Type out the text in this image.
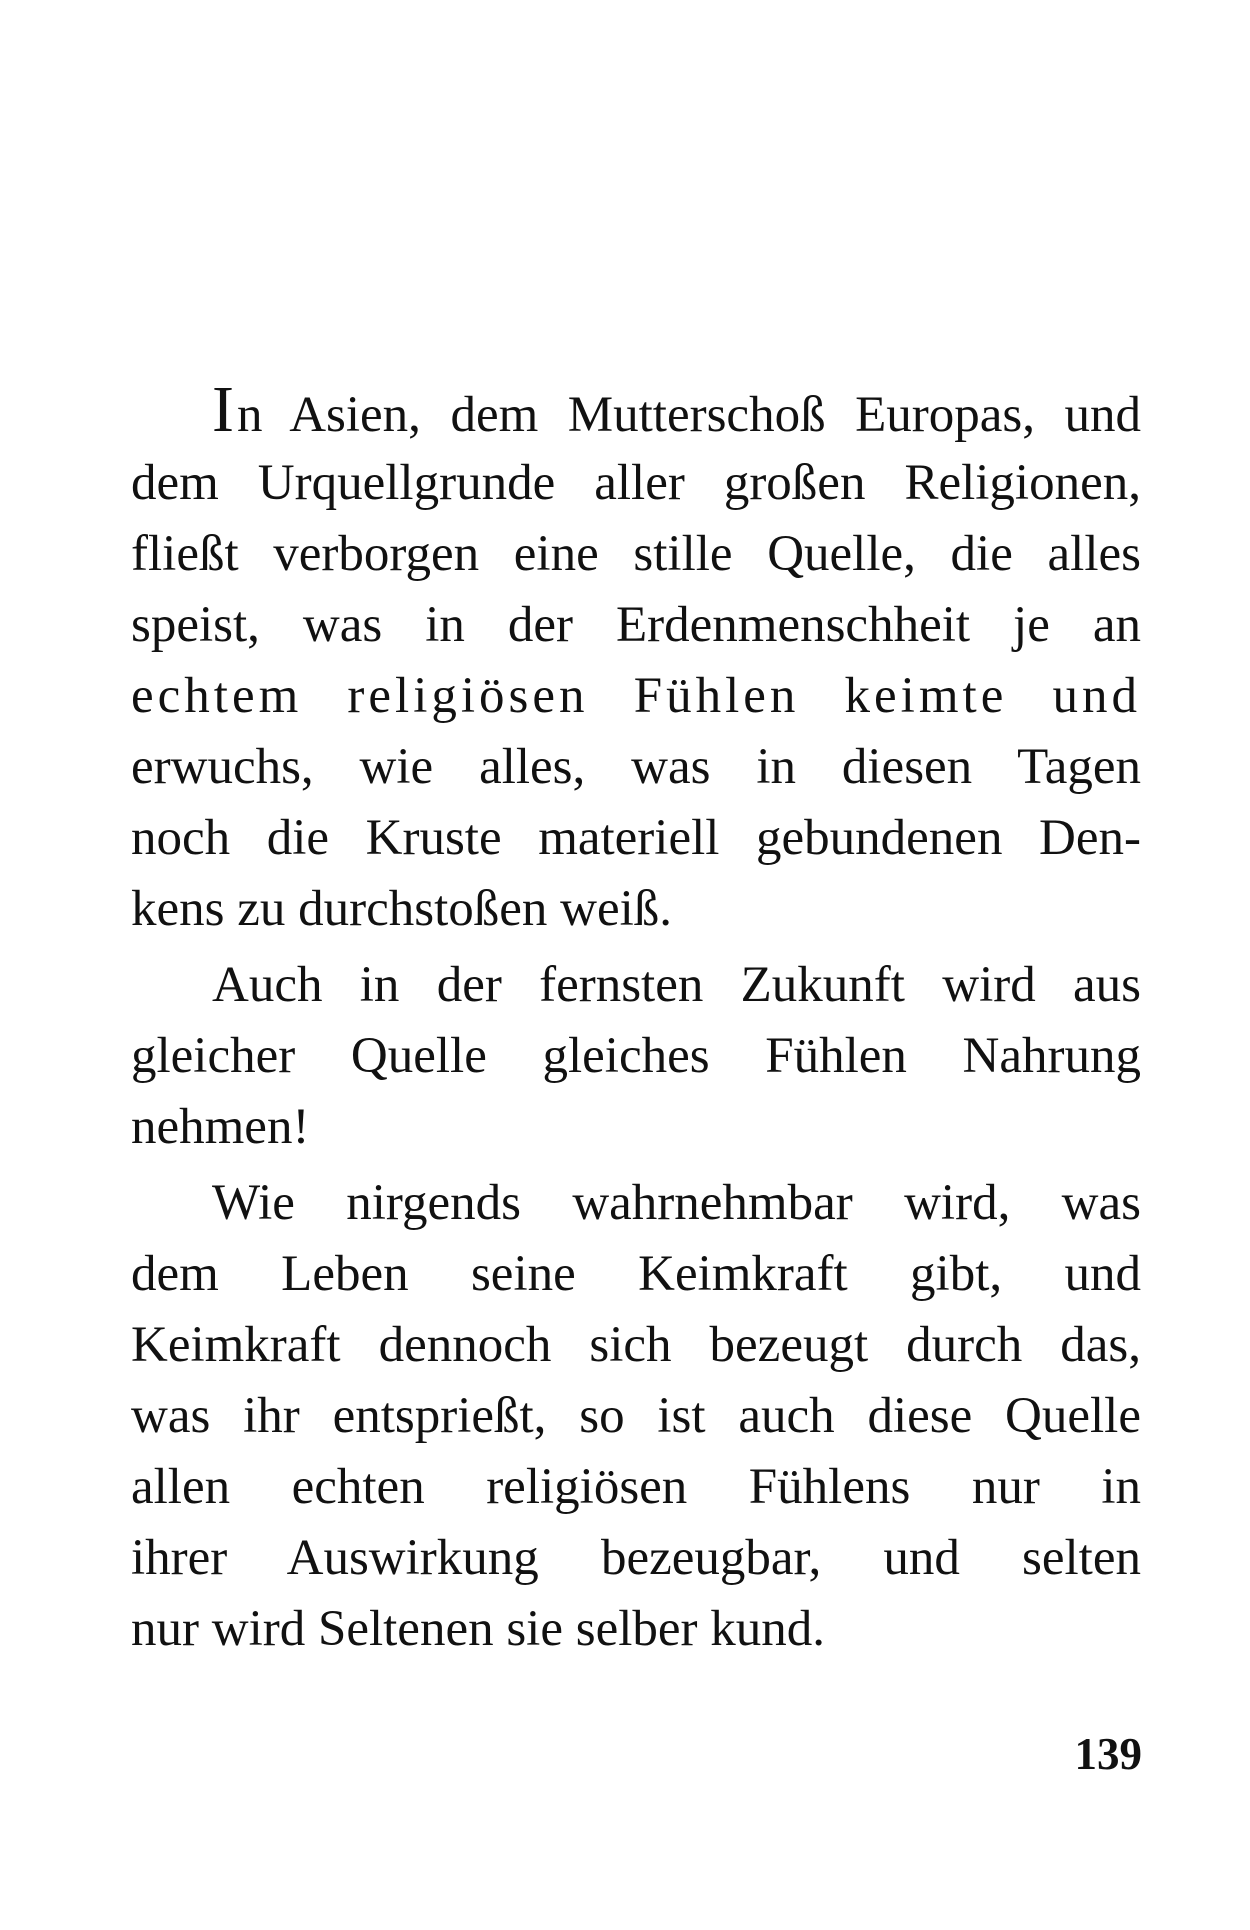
In Asien, dem Mutterschoß Europas, und
dem Urquellgrunde aller großen Religionen,
fließt verborgen eine stille Quelle, die alles
speist, was in der Erdenmenschheit je an
echtem religiösen Fühlen keimte und
erwuchs, wie alles, was in diesen Tagen
noch die Kruste materiell gebundenen Den-
kens zu durchstoßen weiß.
Auch in der fernsten Zukunft wird aus
gleicher Quelle gleiches Fühlen Nahrung
nehmen!
Wie nirgends wahrnehmbar wird, was
dem Leben seine Keimkraft gibt, und
Keimkraft dennoch sich bezeugt durch das,
was ihr entsprießt, so ist auch diese Quelle
allen echten religiösen Fühlens nur in
ihrer Auswirkung bezeugbar, und selten
nur wird Seltenen sie selber kund.
139
